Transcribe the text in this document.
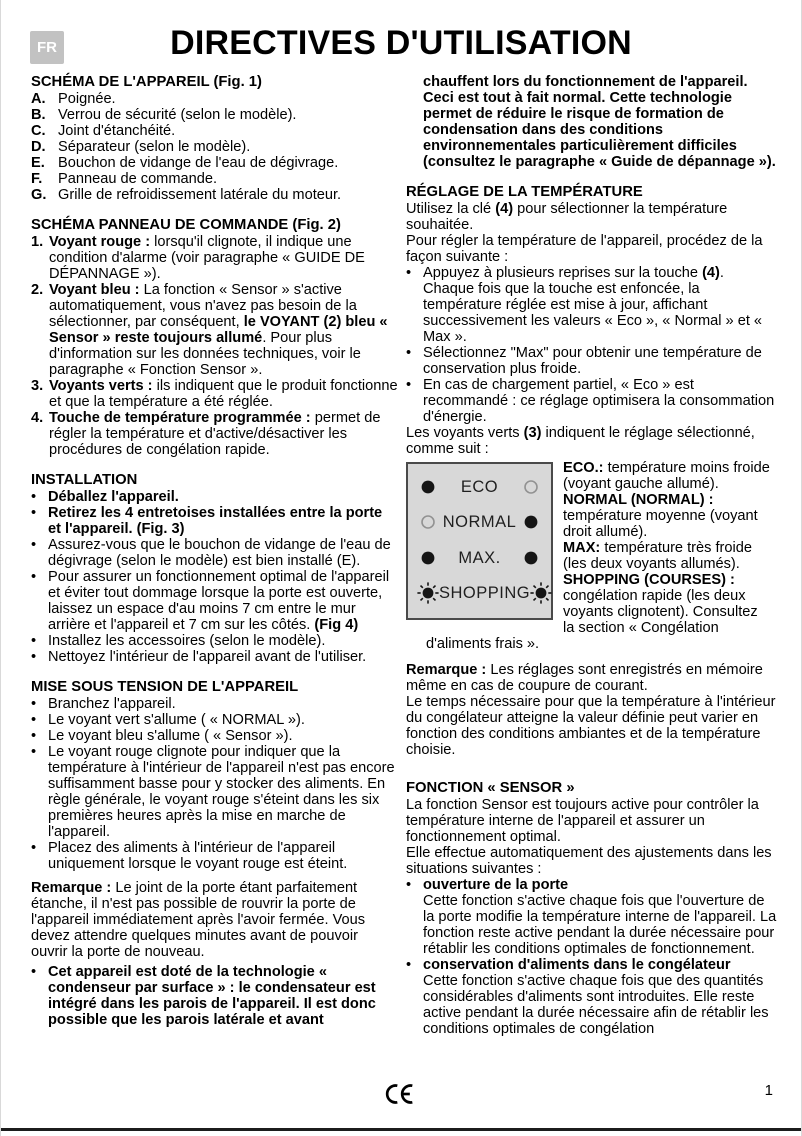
FR	DIRECTIVES D'UTILISATION
SCHÉMA DE L'APPAREIL (Fig. 1)
A. Poignée.
B. Verrou de sécurité (selon le modèle).
C. Joint d'étanchéité.
D. Séparateur (selon le modèle).
E. Bouchon de vidange de l'eau de dégivrage.
F.	Panneau de commande.
G. Grille de refroidissement latérale du moteur.
SCHÉMA PANNEAU DE COMMANDE (Fig. 2)
1. Voyant rouge : lorsqu'il clignote, il indique une condition d'alarme (voir paragraphe « GUIDE DE DÉPANNAGE »).
2. Voyant bleu : La fonction « Sensor » s'active automatiquement, vous n'avez pas besoin de la sélectionner, par conséquent, le VOYANT (2) bleu « Sensor » reste toujours allumé. Pour plus d'information sur les données techniques, voir le paragraphe « Fonction Sensor ».
3. Voyants verts : ils indiquent que le produit fonctionne et que la température a été réglée.
4. Touche de température programmée : permet de régler la température et d'active/désactiver les procédures de congélation rapide.
INSTALLATION
• Déballez l'appareil.
• Retirez les 4 entretoises installées entre la porte et l'appareil. (Fig. 3)
• Assurez-vous que le bouchon de vidange de l'eau de dégivrage (selon le modèle) est bien installé (E).
• Pour assurer un fonctionnement optimal de l'appareil et éviter tout dommage lorsque la porte est ouverte, laissez un espace d'au moins 7 cm entre le mur arrière et l'appareil et 7 cm sur les côtés. (Fig 4)
• Installez les accessoires (selon le modèle).
• Nettoyez l'intérieur de l'appareil avant de l'utiliser.
MISE SOUS TENSION DE L'APPAREIL
• Branchez l'appareil.
• Le voyant vert s'allume ( « NORMAL »).
• Le voyant bleu s'allume ( « Sensor »).
• Le voyant rouge clignote pour indiquer que la température à l'intérieur de l'appareil n'est pas encore suffisamment basse pour y stocker des aliments. En règle générale, le voyant rouge s'éteint dans les six premières heures après la mise en marche de l'appareil.
• Placez des aliments à l'intérieur de l'appareil uniquement lorsque le voyant rouge est éteint.
Remarque : Le joint de la porte étant parfaitement étanche, il n'est pas possible de rouvrir la porte de l'appareil immédiatement après l'avoir fermée. Vous devez attendre quelques minutes avant de pouvoir ouvrir la porte de nouveau.
• Cet appareil est doté de la technologie « condenseur par surface » : le condensateur est intégré dans les parois de l'appareil. Il est donc possible que les parois latérale et avant
chauffent lors du fonctionnement de l'appareil. Ceci est tout à fait normal. Cette technologie permet de réduire le risque de formation de condensation dans des conditions environnementales particulièrement difficiles (consultez le paragraphe « Guide de dépannage »).
RÉGLAGE DE LA TEMPÉRATURE
Utilisez la clé (4) pour sélectionner la température souhaitée.
Pour régler la température de l'appareil, procédez de la façon suivante :
• Appuyez à plusieurs reprises sur la touche (4). Chaque fois que la touche est enfoncée, la température réglée est mise à jour, affichant successivement les valeurs « Eco », « Normal » et « Max ».
• Sélectionnez "Max" pour obtenir une température de conservation plus froide.
• En cas de chargement partiel, « Eco » est recommandé : ce réglage optimisera la consommation d'énergie.
Les voyants verts (3) indiquent le réglage sélectionné, comme suit :
ECO
NORMAL
MAX.
SHOPPING

ECO.: température moins froide
(voyant gauche allumé).

NORMAL (NORMAL) : température moyenne (voyant droit allumé).

MAX: température très froide (les deux voyants allumés).

SHOPPING (COURSES) : congélation rapide (les deux voyants clignotent). Consultez

la section « Congélation d'aliments frais ».
Remarque : Les réglages sont enregistrés en mémoire même en cas de coupure de courant.
Le temps nécessaire pour que la température à l'intérieur du congélateur atteigne la valeur définie peut varier en fonction des conditions ambiantes et de la température choisie.
FONCTION « SENSOR »
La fonction Sensor est toujours active pour contrôler la température interne de l'appareil et assurer un fonctionnement optimal.
Elle effectue automatiquement des ajustements dans les situations suivantes :
• ouverture de la porte
Cette fonction s'active chaque fois que l'ouverture de la porte modifie la température interne de l'appareil. La fonction reste active pendant la durée nécessaire pour rétablir les conditions optimales de fonctionnement.
• conservation d'aliments dans le congélateur
Cette fonction s'active chaque fois que des quantités considérables d'aliments sont introduites. Elle reste active pendant la durée nécessaire afin de rétablir les conditions optimales de congélation
1
